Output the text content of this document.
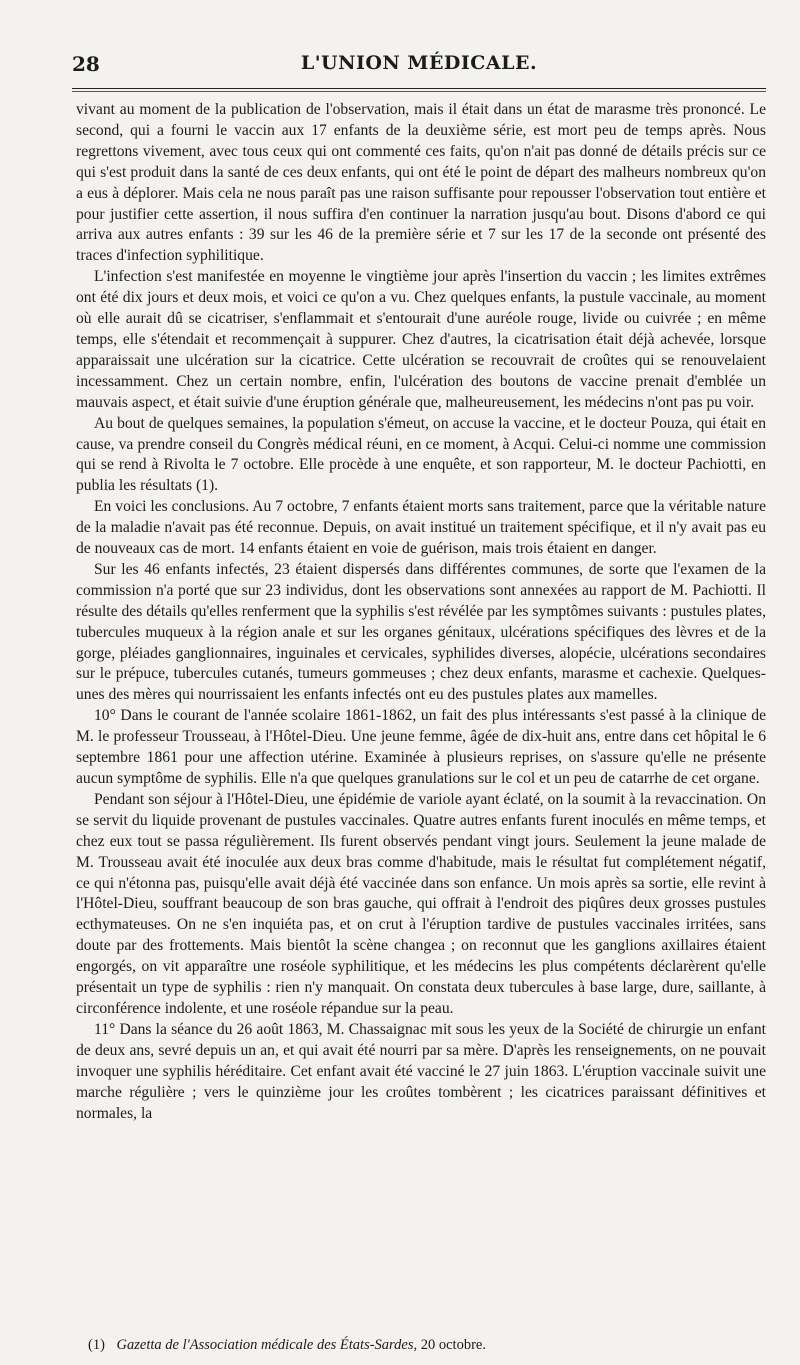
28	L'UNION MÉDICALE.

vivant au moment de la publication de l'observation, mais il était dans un état de marasme très prononcé. Le second, qui a fourni le vaccin aux 17 enfants de la deuxième série, est mort peu de temps après. Nous regrettons vivement, avec tous ceux qui ont commenté ces faits, qu'on n'ait pas donné de détails précis sur ce qui s'est produit dans la santé de ces deux enfants, qui ont été le point de départ des malheurs nombreux qu'on a eus à déplorer. Mais cela ne nous paraît pas une raison suffisante pour repousser l'observation tout entière et pour justifier cette assertion, il nous suffira d'en continuer la narration jusqu'au bout. Disons d'abord ce qui arriva aux autres enfants : 39 sur les 46 de la première série et 7 sur les 17 de la seconde ont présenté des traces d'infection syphilitique.

L'infection s'est manifestée en moyenne le vingtième jour après l'insertion du vaccin ; les limites extrêmes ont été dix jours et deux mois, et voici ce qu'on a vu. Chez quelques enfants, la pustule vaccinale, au moment où elle aurait dû se cicatriser, s'enflammait et s'entourait d'une auréole rouge, livide ou cuivrée ; en même temps, elle s'étendait et recommençait à suppurer. Chez d'autres, la cicatrisation était déjà achevée, lorsque apparaissait une ulcération sur la cicatrice. Cette ulcération se recouvrait de croûtes qui se renouvelaient incessamment. Chez un certain nombre, enfin, l'ulcération des boutons de vaccine prenait d'emblée un mauvais aspect, et était suivie d'une éruption générale que, malheureusement, les médecins n'ont pas pu voir.

Au bout de quelques semaines, la population s'émeut, on accuse la vaccine, et le docteur Pouza, qui était en cause, va prendre conseil du Congrès médical réuni, en ce moment, à Acqui. Celui-ci nomme une commission qui se rend à Rivolta le 7 octobre. Elle procède à une enquête, et son rapporteur, M. le docteur Pachiotti, en publia les résultats (1).

En voici les conclusions. Au 7 octobre, 7 enfants étaient morts sans traitement, parce que la véritable nature de la maladie n'avait pas été reconnue. Depuis, on avait institué un traitement spécifique, et il n'y avait pas eu de nouveaux cas de mort. 14 enfants étaient en voie de guérison, mais trois étaient en danger.

Sur les 46 enfants infectés, 23 étaient dispersés dans différentes communes, de sorte que l'examen de la commission n'a porté que sur 23 individus, dont les observations sont annexées au rapport de M. Pachiotti. Il résulte des détails qu'elles renferment que la syphilis s'est révélée par les symptômes suivants : pustules plates, tubercules muqueux à la région anale et sur les organes génitaux, ulcérations spécifiques des lèvres et de la gorge, pléiades ganglionnaires, inguinales et cervicales, syphilides diverses, alopécie, ulcérations secondaires sur le prépuce, tubercules cutanés, tumeurs gommeuses ; chez deux enfants, marasme et cachexie. Quelques-unes des mères qui nourrissaient les enfants infectés ont eu des pustules plates aux mamelles.

10° Dans le courant de l'année scolaire 1861-1862, un fait des plus intéressants s'est passé à la clinique de M. le professeur Trousseau, à l'Hôtel-Dieu. Une jeune femme, âgée de dix-huit ans, entre dans cet hôpital le 6 septembre 1861 pour une affection utérine. Examinée à plusieurs reprises, on s'assure qu'elle ne présente aucun symptôme de syphilis. Elle n'a que quelques granulations sur le col et un peu de catarrhe de cet organe.

Pendant son séjour à l'Hôtel-Dieu, une épidémie de variole ayant éclaté, on la soumit à la revaccination. On se servit du liquide provenant de pustules vaccinales. Quatre autres enfants furent inoculés en même temps, et chez eux tout se passa régulièrement. Ils furent observés pendant vingt jours. Seulement la jeune malade de M. Trousseau avait été inoculée aux deux bras comme d'habitude, mais le résultat fut complétement négatif, ce qui n'étonna pas, puisqu'elle avait déjà été vaccinée dans son enfance. Un mois après sa sortie, elle revint à l'Hôtel-Dieu, souffrant beaucoup de son bras gauche, qui offrait à l'endroit des piqûres deux grosses pustules ecthymateuses. On ne s'en inquiéta pas, et on crut à l'éruption tardive de pustules vaccinales irritées, sans doute par des frottements. Mais bientôt la scène changea ; on reconnut que les ganglions axillaires étaient engorgés, on vit apparaître une roséole syphilitique, et les médecins les plus compétents déclarèrent qu'elle présentait un type de syphilis : rien n'y manquait. On constata deux tubercules à base large, dure, saillante, à circonférence indolente, et une roséole répandue sur la peau.

11° Dans la séance du 26 août 1863, M. Chassaignac mit sous les yeux de la Société de chirurgie un enfant de deux ans, sevré depuis un an, et qui avait été nourri par sa mère. D'après les renseignements, on ne pouvait invoquer une syphilis héréditaire. Cet enfant avait été vacciné le 27 juin 1863. L'éruption vaccinale suivit une marche régulière ; vers le quinzième jour les croûtes tombèrent ; les cicatrices paraissant définitives et normales, la

(1) Gazetta de l'Association médicale des États-Sardes, 20 octobre.
